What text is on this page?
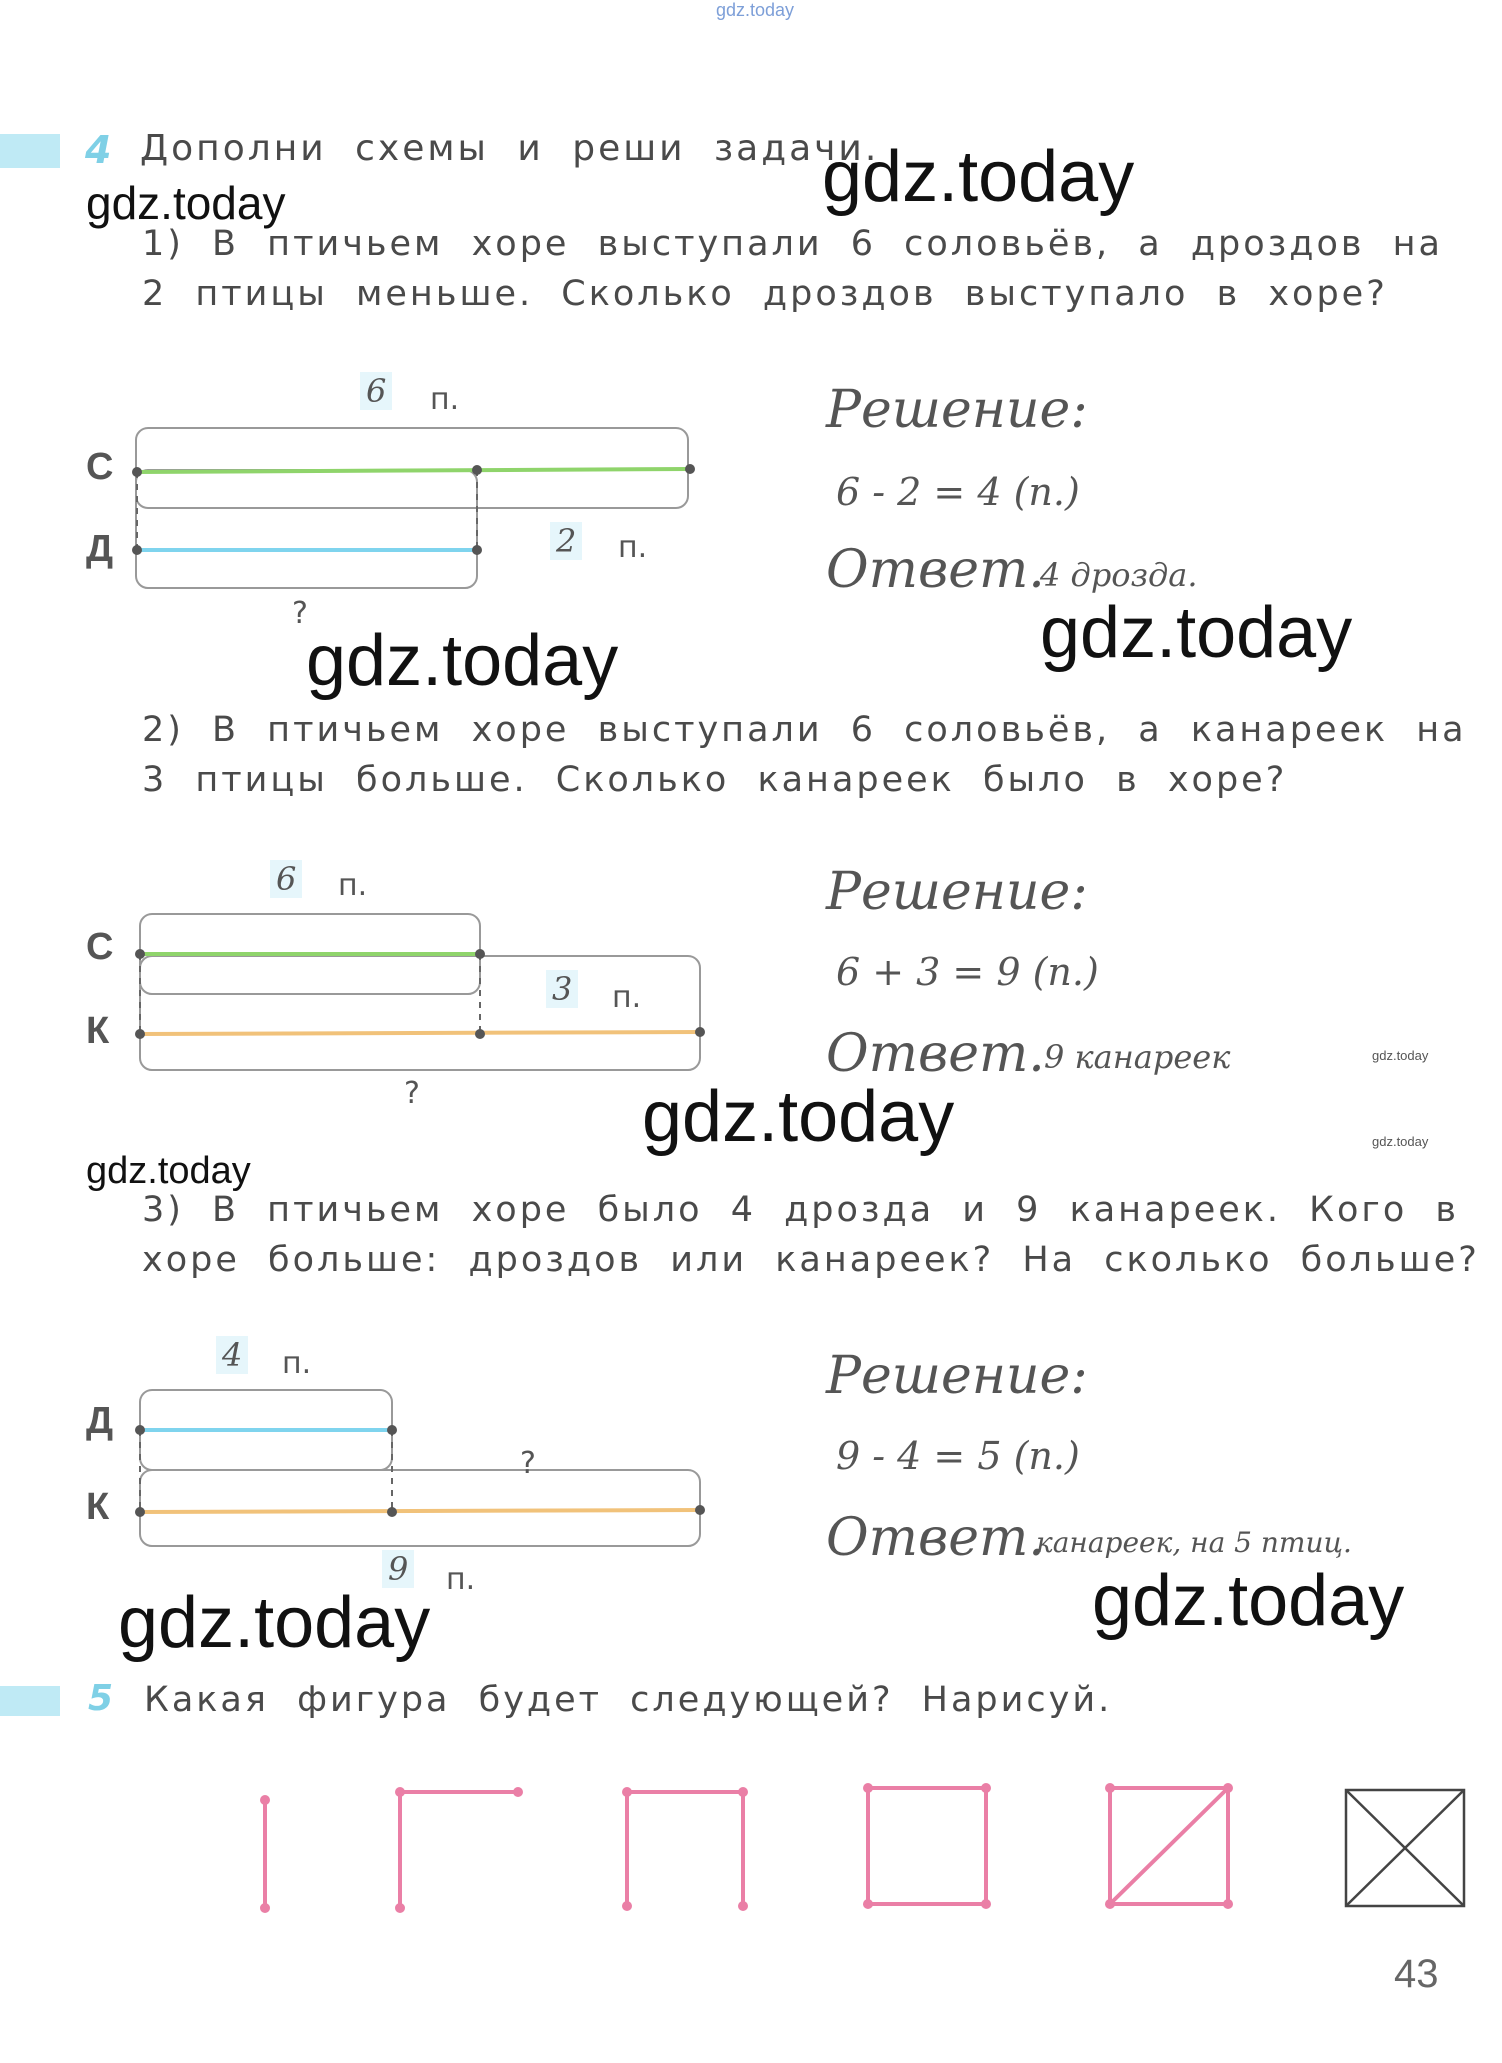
gdz.today
4 Дополни схемы и реши задачи.
gdz.today	gdz.today
1) В птичьем хоре выступали 6 соловьёв, а дроздов на
2 птицы меньше. Сколько дроздов выступало в хоре?
6 п.
С
Д	2 п.
?
Решение:
6 - 2 = 4 (п.)
Ответ.
4 дрозда.
gdz.today
gdz.today
2) В птичьем хоре выступали 6 соловьёв, а канареек на
3 птицы больше. Сколько канареек было в хоре?
6 п.
С
К
3 п.
?
Решение:
6 + 3 = 9 (п.)
Ответ. 9 канареек	gdz.today
gdz.today	gdz.today
gdz.today
3) В птичьем хоре было 4 дрозда и 9 канареек. Кого в
хоре больше: дроздов или канареек? На сколько больше?
4 п.
Д
К
?
9 п.
Решение:
9 - 4 = 5 (п.)
Ответ.
канареек, на 5 птиц.
gdz.today
gdz.today
5 Какая фигура будет следующей? Нарисуй.
43
